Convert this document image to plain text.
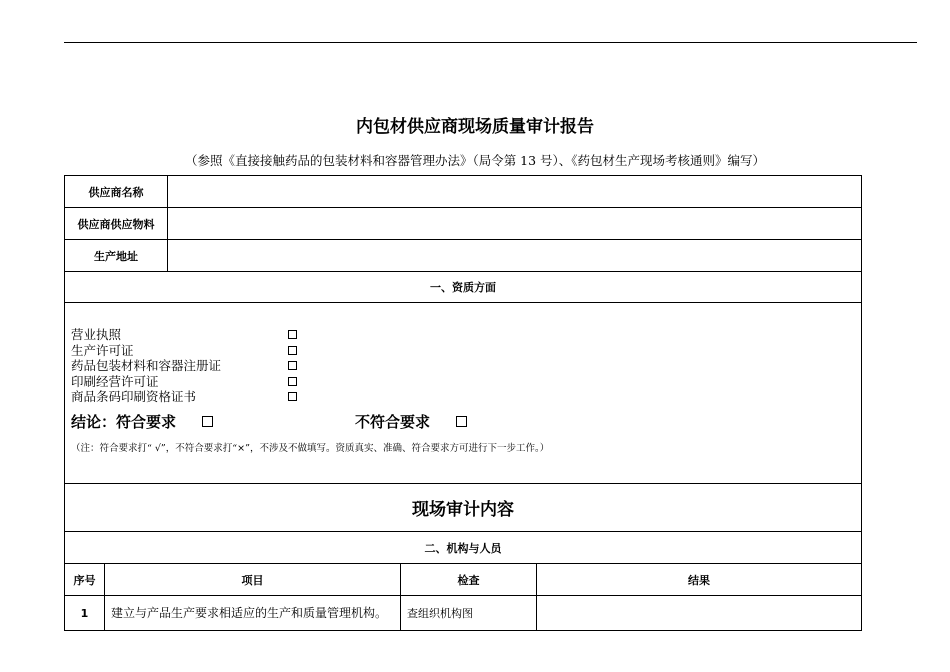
内包材供应商现场质量审计报告
（参照《直接接触药品的包装材料和容器管理办法》（局令第 13 号）、《药包材生产现场考核通则》编写）
供应商名称
供应商供应物料
生产地址
一、资质方面
营业执照
生产许可证
药品包装材料和容器注册证
印刷经营许可证
商品条码印刷资格证书
结论：符合要求	不符合要求
（注：符合要求打“ √”，不符合要求打“×”，不涉及不做填写。资质真实、准确、符合要求方可进行下一步工作。）
现场审计内容
二、机构与人员
序号	项目	检查	结果
1	建立与产品生产要求相适应的生产和质量管理机构。	查组织机构图
